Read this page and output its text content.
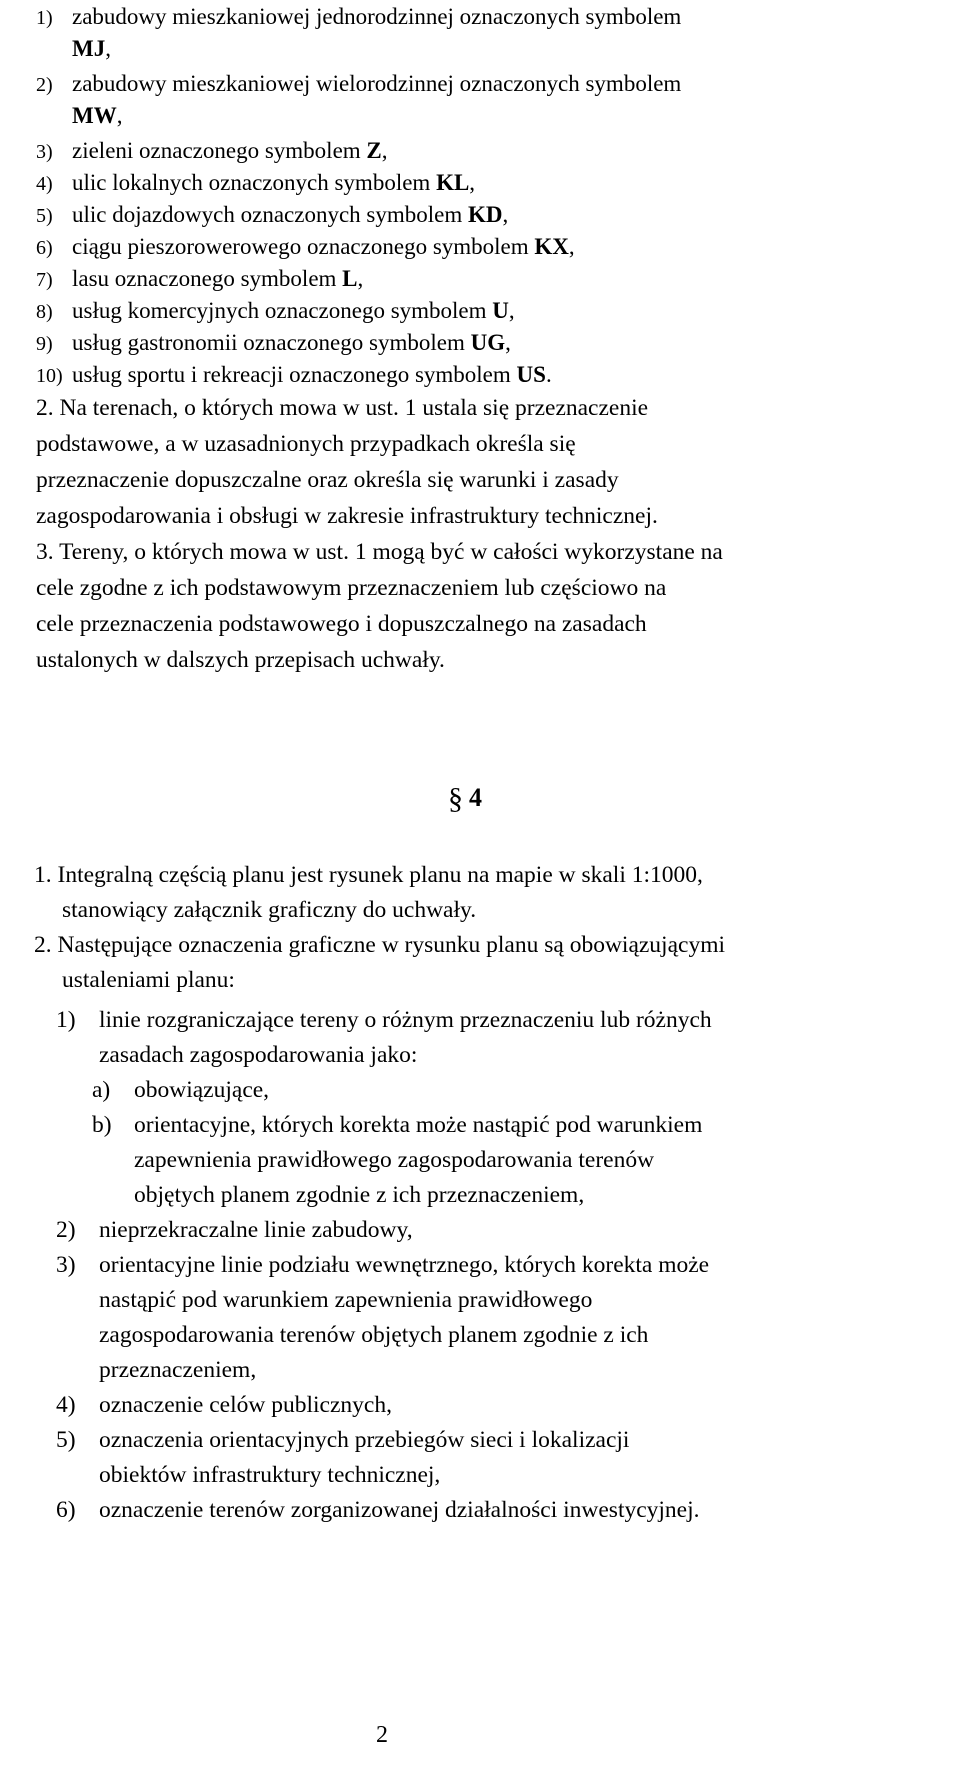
1) zabudowy mieszkaniowej jednorodzinnej oznaczonych symbolem
MJ,
2) zabudowy mieszkaniowej wielorodzinnej oznaczonych symbolem
MW,
3) zieleni oznaczonego symbolem Z,
4) ulic lokalnych oznaczonych symbolem KL,
5) ulic dojazdowych oznaczonych symbolem KD,
6) ciągu pieszorowerowego oznaczonego symbolem KX,
7) lasu oznaczonego symbolem L,
8) usług komercyjnych oznaczonego symbolem U,
9) usług gastronomii oznaczonego symbolem UG,
10) usług sportu i rekreacji oznaczonego symbolem US.
2. Na terenach, o których mowa w ust. 1 ustala się przeznaczenie
podstawowe, a w uzasadnionych przypadkach określa się
przeznaczenie dopuszczalne oraz określa się warunki i zasady
zagospodarowania i obsługi w zakresie infrastruktury technicznej.
3. Tereny, o których mowa w ust. 1 mogą być w całości wykorzystane na
cele zgodne z ich podstawowym przeznaczeniem lub częściowo na
cele przeznaczenia podstawowego i dopuszczalnego na zasadach
ustalonych w dalszych przepisach uchwały.
§ 4
1. Integralną częścią planu jest rysunek planu na mapie w skali 1:1000,
stanowiący załącznik graficzny do uchwały.
2. Następujące oznaczenia graficzne w rysunku planu są obowiązującymi
ustaleniami planu:
1) linie rozgraniczające tereny o różnym przeznaczeniu lub różnych
zasadach zagospodarowania jako:
a) obowiązujące,
b) orientacyjne, których korekta może nastąpić pod warunkiem
zapewnienia prawidłowego zagospodarowania terenów
objętych planem zgodnie z ich przeznaczeniem,
2) nieprzekraczalne linie zabudowy,
3) orientacyjne linie podziału wewnętrznego, których korekta może
nastąpić pod warunkiem zapewnienia prawidłowego
zagospodarowania terenów objętych planem zgodnie z ich
przeznaczeniem,
4) oznaczenie celów publicznych,
5) oznaczenia orientacyjnych przebiegów sieci i lokalizacji
obiektów infrastruktury technicznej,
6) oznaczenie terenów zorganizowanej działalności inwestycyjnej.
2
